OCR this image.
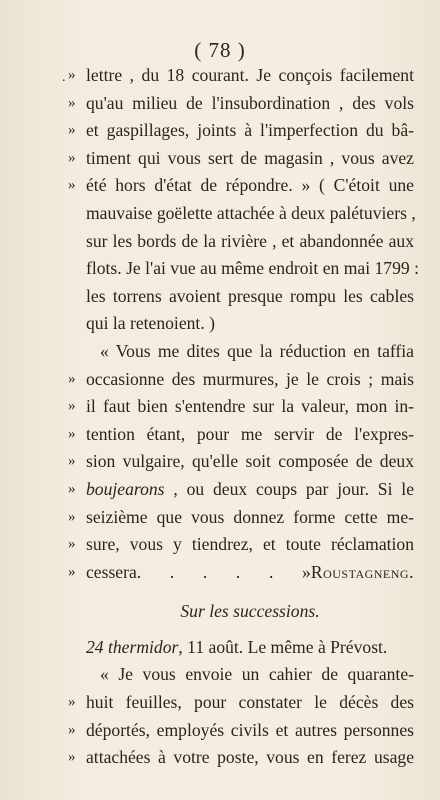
( 78 )
» lettre , du 18 courant. Je conçois facilement
» qu'au milieu de l'insubordination , des vols
» et gaspillages, joints à l'imperfection du bâ-
» timent qui vous sert de magasin , vous avez
» été hors d'état de répondre. » ( C'étoit une
mauvaise goëlette attachée à deux palétuviers ,
sur les bords de la rivière , et abandonnée aux
flots. Je l'ai vue au même endroit en mai 1799 :
les torrens avoient presque rompu les cables
qui la retenoient. )
« Vous me dites que la réduction en taffia
» occasionne des murmures, je le crois ; mais
» il faut bien s'entendre sur la valeur, mon in-
» tention étant, pour me servir de l'expres-
» sion vulgaire, qu'elle soit composée de deux
» boujearons , ou deux coups par jour. Si le
» seizième que vous donnez forme cette me-
» sure, vous y tiendrez, et toute réclamation
» cessera. . . . . » Roustagneng.
Sur les successions.
24 thermidor, 11 août. Le même à Prévost.
« Je vous envoie un cahier de quarante-
» huit feuilles, pour constater le décès des
» déportés, employés civils et autres personnes
» attachées à votre poste, vous en ferez usage
.
